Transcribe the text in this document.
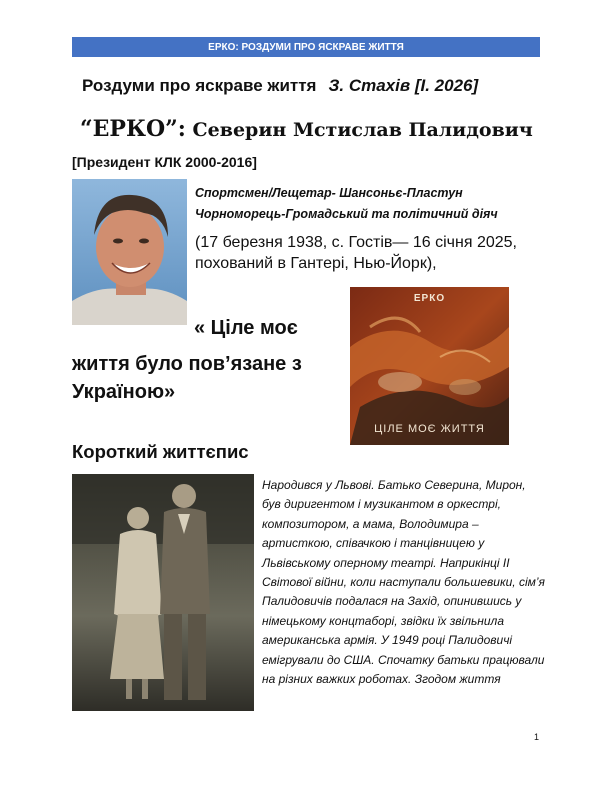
ЕРКО: РОЗДУМИ ПРО ЯСКРАВЕ ЖИТТЯ
Роздуми про яскраве життя З. Стахів [І. 2026]
“ЕРКО”: Северин Мстислав Палидович
[Президент КЛК 2000-2016]
Спортсмен/Лещетар- Шансоньє-Пластун
Чорноморець-Громадський та політичний діяч
(17 березня 1938, с. Гостів— 16 січня 2025, похований в Гантері, Нью-Йорк),
« Ціле моє
життя було пов’язане з Україною»
ЕРКО
ЦІЛЕ МОЄ ЖИТТЯ
Короткий життєпис

Народився у Львові. Батько Северина, Мирон, був диригентом і музикантом в оркестрі, композитором, а мама, Володимира – артисткою, співачкою і танцівницею у Львівському оперному театрі. Наприкінці ІІ Світової війни, коли наступали большевики, сім’я Палидовичів подалася на Захід, опинившись у німецькому концтаборі, звідки їх звільнила американська армія. У 1949 році Палидовичі емігрували до США. Спочатку батьки працювали на різних важких роботах. Згодом життя

1
